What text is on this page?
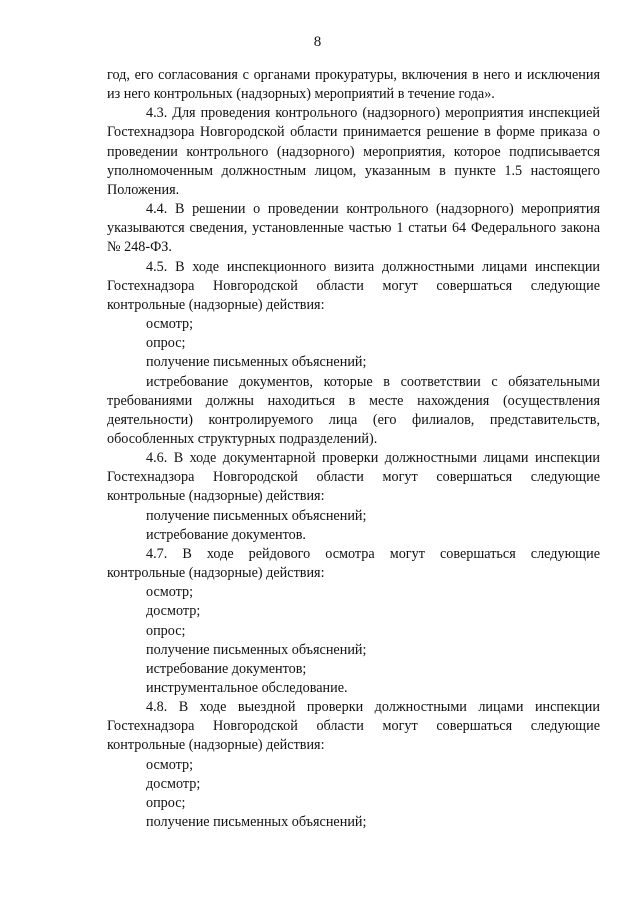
8

год, его согласования с органами прокуратуры, включения в него и исключения из него контрольных (надзорных) мероприятий в течение года».

4.3. Для проведения контрольного (надзорного) мероприятия инспекцией Гостехнадзора Новгородской области принимается решение в форме приказа о проведении контрольного (надзорного) мероприятия, которое подписывается уполномоченным должностным лицом, указанным в пункте 1.5 настоящего Положения.

4.4. В решении о проведении контрольного (надзорного) мероприятия указываются сведения, установленные частью 1 статьи 64 Федерального закона № 248-ФЗ.

4.5. В ходе инспекционного визита должностными лицами инспекции Гостехнадзора Новгородской области могут совершаться следующие контрольные (надзорные) действия:

осмотр;

опрос;

получение письменных объяснений;

истребование документов, которые в соответствии с обязательными требованиями должны находиться в месте нахождения (осуществления деятельности) контролируемого лица (его филиалов, представительств, обособленных структурных подразделений).

4.6. В ходе документарной проверки должностными лицами инспекции Гостехнадзора Новгородской области могут совершаться следующие контрольные (надзорные) действия:

получение письменных объяснений;

истребование документов.

4.7. В ходе рейдового осмотра могут совершаться следующие контрольные (надзорные) действия:

осмотр;

досмотр;

опрос;

получение письменных объяснений;

истребование документов;

инструментальное обследование.

4.8. В ходе выездной проверки должностными лицами инспекции Гостехнадзора Новгородской области могут совершаться следующие контрольные (надзорные) действия:

осмотр;

досмотр;

опрос;

получение письменных объяснений;
